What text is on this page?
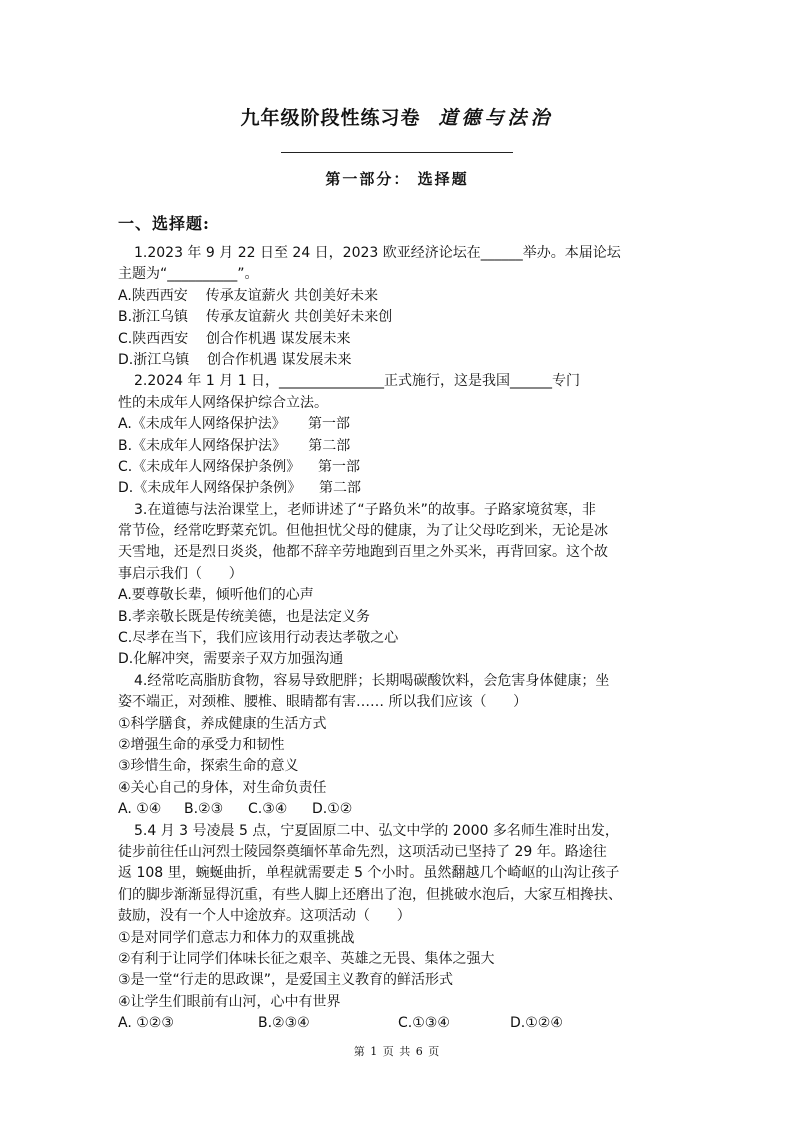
九年级阶段性练习卷 道德与法治
第一部分： 选择题
一、选择题:
1.2023 年 9 月 22 日至 24 日，2023 欧亚经济论坛在______举办。本届论坛
主题为“__________”。
A.陕西西安    传承友谊薪火 共创美好未来
B.浙江乌镇    传承友谊薪火 共创美好未来创
C.陕西西安    创合作机遇 谋发展未来
D.浙江乌镇    创合作机遇 谋发展未来
2.2024 年 1 月 1 日，_______________正式施行，这是我国______专门
性的未成年人网络保护综合立法。
A.《未成年人网络保护法》     第一部
B.《未成年人网络保护法》     第二部
C.《未成年人网络保护条例》    第一部
D.《未成年人网络保护条例》    第二部
3.在道德与法治课堂上，老师讲述了“子路负米”的故事。子路家境贫寒，非
常节俭，经常吃野菜充饥。但他担忧父母的健康，为了让父母吃到米，无论是冰
天雪地，还是烈日炎炎，他都不辞辛劳地跑到百里之外买米，再背回家。这个故
事启示我们（      ）
A.要尊敬长辈，倾听他们的心声
B.孝亲敬长既是传统美德，也是法定义务
C.尽孝在当下，我们应该用行动表达孝敬之心
D.化解冲突，需要亲子双方加强沟通
4.经常吃高脂肪食物，容易导致肥胖；长期喝碳酸饮料，会危害身体健康；坐
姿不端正，对颈椎、腰椎、眼睛都有害…… 所以我们应该（      ）
①科学膳食，养成健康的生活方式
②增强生命的承受力和韧性
③珍惜生命，探索生命的意义
④关心自己的身体，对生命负责任
A. ①④	B.②③	C.③④	D.①②
5.4 月 3 号凌晨 5 点，宁夏固原二中、弘文中学的 2000 多名师生准时出发，
徒步前往任山河烈士陵园祭奠缅怀革命先烈，这项活动已坚持了 29 年。路途往
返 108 里，蜿蜒曲折，单程就需要走 5 个小时。虽然翻越几个崎岖的山沟让孩子
们的脚步渐渐显得沉重，有些人脚上还磨出了泡，但挑破水泡后，大家互相搀扶、
鼓励，没有一个人中途放弃。这项活动（      ）
①是对同学们意志力和体力的双重挑战
②有利于让同学们体味长征之艰辛、英雄之无畏、集体之强大
③是一堂“行走的思政课”，是爱国主义教育的鲜活形式
④让学生们眼前有山河，心中有世界
A. ①②③	B.②③④	C.①③④	D.①②④
第 1 页 共 6 页
